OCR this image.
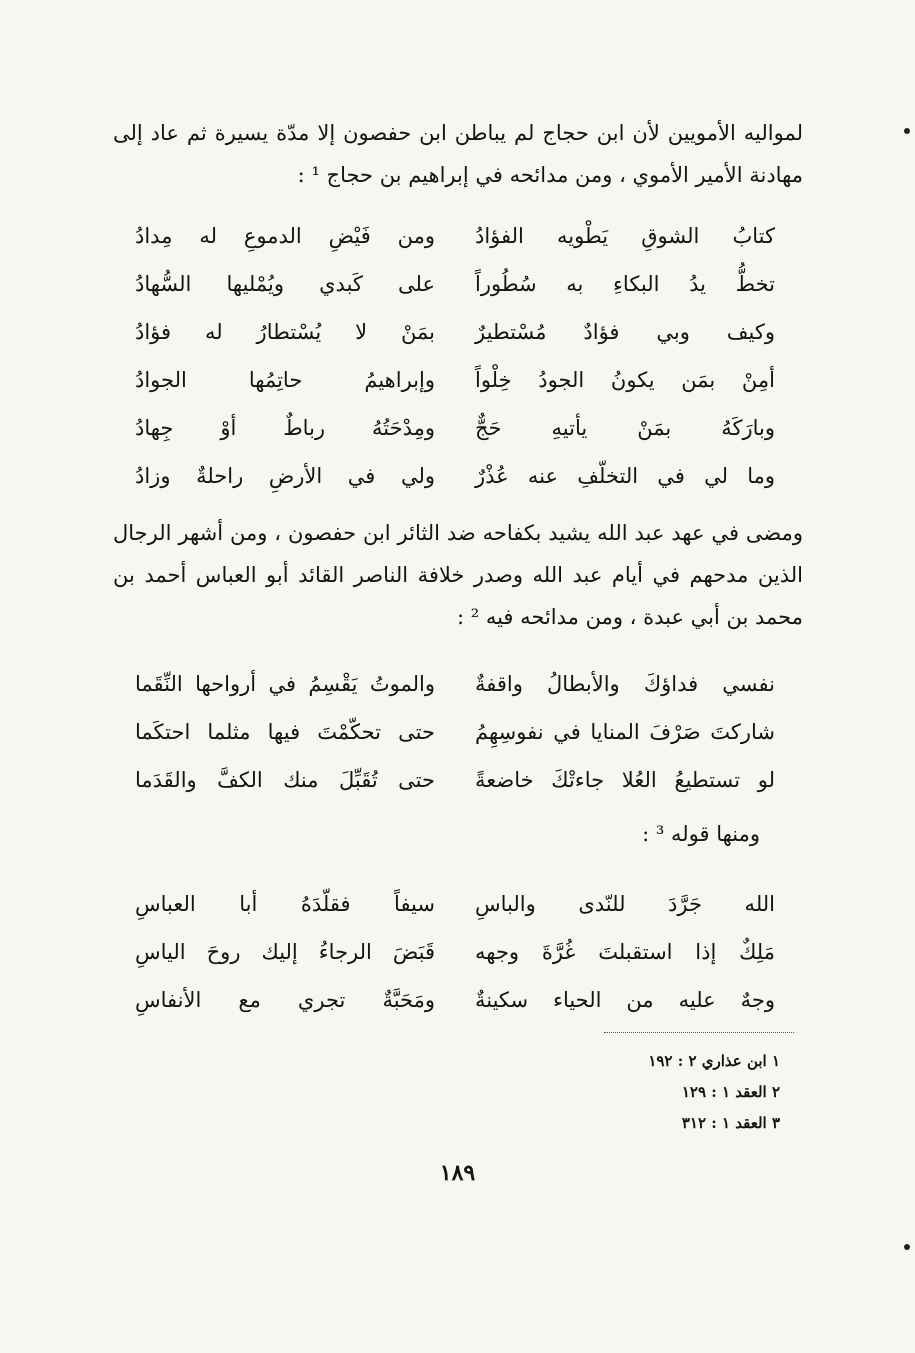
لمواليه الأمويين لأن ابن حجاج لم يباطن ابن حفصون إلا مدّة يسيرة ثم عاد إلى مهادنة الأمير الأموي ، ومن مدائحه في إبراهيم بن حجاج ¹ :

كتابُ الشوقِ يَطْويه الفؤادُ
ومن فَيْضِ الدموعِ له مِدادُ
تخطُّ يدُ البكاءِ به سُطُوراً
على كَبدي ويُمْليها السُّهادُ
وكيف وبي فؤادٌ مُسْتطيرٌ
بمَنْ لا يُسْتطارُ له فؤادُ
أمِنْ بمَن يكونُ الجودُ خِلْواً
وإبراهيمُ حاتِمُها الجوادُ
وبارَكَهُ بمَنْ يأتيهِ حَجٌّ
ومِدْحَتُهُ رباطٌ أوْ جِهادُ
وما لي في التخلّفِ عنه عُذْرٌ
ولي في الأرضِ راحلةٌ وزادُ

ومضى في عهد عبد الله يشيد بكفاحه ضد الثائر ابن حفصون ، ومن أشهر الرجال الذين مدحهم في أيام عبد الله وصدر خلافة الناصر القائد أبو العباس أحمد بن محمد بن أبي عبدة ، ومن مدائحه فيه ² :

نفسي فداؤكَ والأبطالُ واقفةٌ
والموتُ يَقْسِمُ في أرواحها النِّقَما
شاركتَ صَرْفَ المنايا في نفوسِهِمُ
حتى تحكّمْتَ فيها مثلما احتكَما
لو تستطيعُ العُلا جاءتْكَ خاضعةً
حتى تُقَبِّلَ منك الكفَّ والقَدَما

ومنها قوله ³ :

الله جَرَّدَ للنّدى والباسِ
سيفاً فقلّدَهُ أبا العباسِ
مَلِكٌ إذا استقبلتَ غُرَّةَ وجهه
قَبَضَ الرجاءُ إليك روحَ الياسِ
وجهٌ عليه من الحياء سكينةٌ
ومَحَبَّةٌ تجري مع الأنفاسِ
١ ابن عذاري ٢ : ١٩٢
٢ العقد ١ : ١٢٩
٣ العقد ١ : ٣١٢
١٨٩
